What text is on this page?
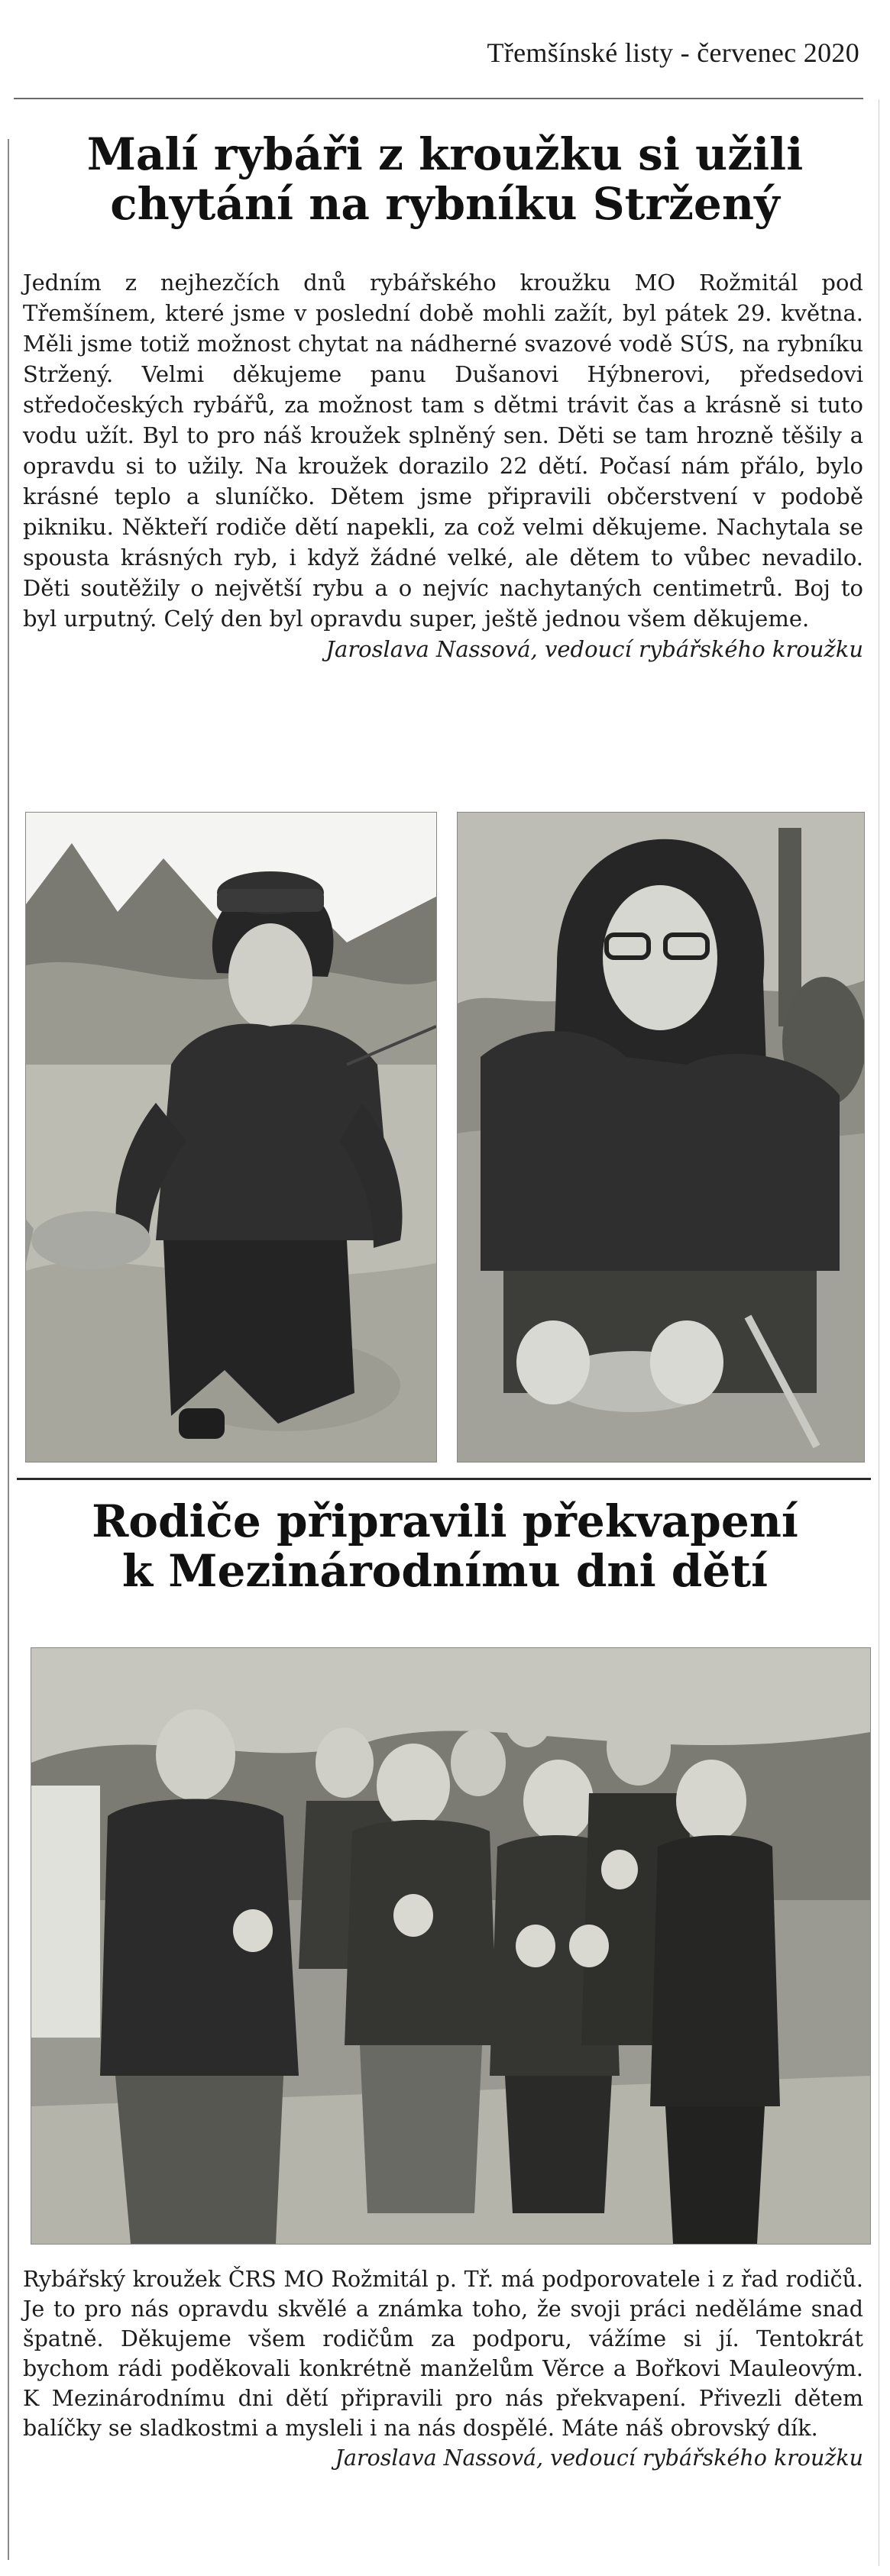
Třemšínské listy - červenec 2020
Malí rybáři z kroužku si užili
chytání na rybníku Stržený

Jedním z nejhezčích dnů rybářského kroužku MO Rožmitál pod Třemšínem, které jsme v poslední době mohli zažít, byl pátek 29. května. Měli jsme totiž možnost chytat na nádherné svazové vodě SÚS, na rybníku Stržený. Velmi děkujeme panu Dušanovi Hýbnerovi, předsedovi středočeských rybářů, za možnost tam s dětmi trávit čas a krásně si tuto vodu užít. Byl to pro náš kroužek splněný sen. Děti se tam hrozně těšily a opravdu si to užily. Na kroužek dorazilo 22 dětí. Počasí nám přálo, bylo krásné teplo a sluníčko. Dětem jsme připravili občerstvení v podobě pikniku. Někteří rodiče dětí napekli, za což velmi děkujeme. Nachytala se spousta krásných ryb, i když žádné velké, ale dětem to vůbec nevadilo. Děti soutěžily o největší rybu a o nejvíc nachytaných centimetrů. Boj to byl urputný. Celý den byl opravdu super, ještě jednou všem děkujeme.
Jaroslava Nassová, vedoucí rybářského kroužku

Rodiče připravili překvapení
k Mezinárodnímu dni dětí

Rybářský kroužek ČRS MO Rožmitál p. Tř. má podporovatele i z řad rodičů. Je to pro nás opravdu skvělé a známka toho, že svoji práci neděláme snad špatně. Děkujeme všem rodičům za podporu, vážíme si jí. Tentokrát bychom rádi poděkovali konkrétně manželům Věrce a Bořkovi Mauleovým. K Mezinárodnímu dni dětí připravili pro nás překvapení. Přivezli dětem balíčky se sladkostmi a mysleli i na nás dospělé. Máte náš obrovský dík.
Jaroslava Nassová, vedoucí rybářského kroužku
